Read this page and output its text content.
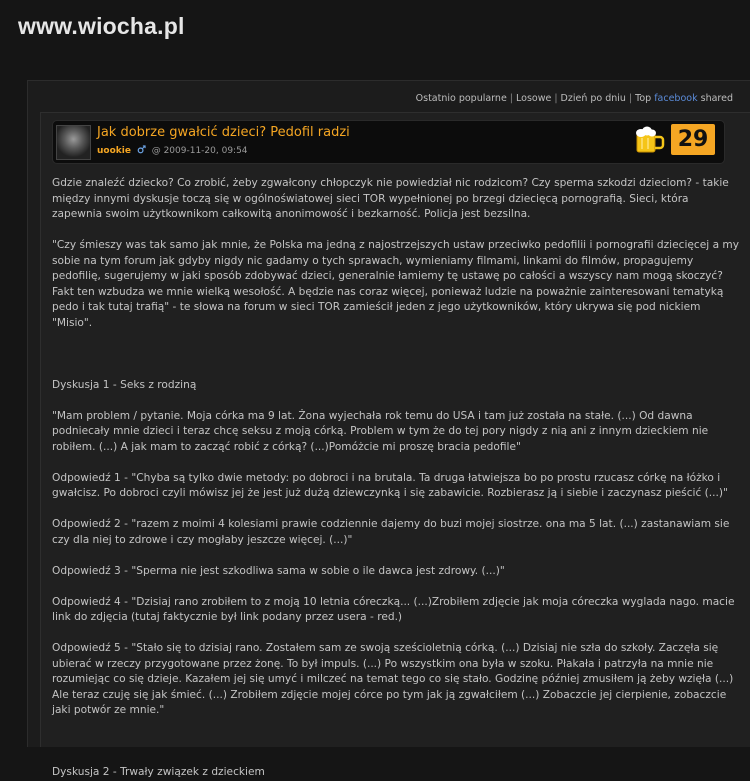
www.wiocha.pl
Ostatnio popularne | Losowe | Dzień po dniu | Top facebook shared
Jak dobrze gwałcić dzieci? Pedofil radzi
uookie @ 2009-11-20, 09:54	29

Gdzie znaleźć dziecko? Co zrobić, żeby zgwałcony chłopczyk nie powiedział nic rodzicom? Czy sperma szkodzi dzieciom? - takie między innymi dyskusje toczą się w ogólnoświatowej sieci TOR wypełnionej po brzegi dziecięcą pornografią. Sieci, która zapewnia swoim użytkownikom całkowitą anonimowość i bezkarność. Policja jest bezsilna.

"Czy śmieszy was tak samo jak mnie, że Polska ma jedną z najostrzejszych ustaw przeciwko pedofilii i pornografii dziecięcej a my sobie na tym forum jak gdyby nigdy nic gadamy o tych sprawach, wymieniamy filmami, linkami do filmów, propagujemy pedofilię, sugerujemy w jaki sposób zdobywać dzieci, generalnie łamiemy tę ustawę po całości a wszyscy nam mogą skoczyć? Fakt ten wzbudza we mnie wielką wesołość. A będzie nas coraz więcej, ponieważ ludzie na poważnie zainteresowani tematyką pedo i tak tutaj trafią" - te słowa na forum w sieci TOR zamieścił jeden z jego użytkowników, który ukrywa się pod nickiem "Misio".

Dyskusja 1 - Seks z rodziną

"Mam problem / pytanie. Moja córka ma 9 lat. Żona wyjechała rok temu do USA i tam już została na stałe. (...) Od dawna podniecały mnie dzieci i teraz chcę seksu z moją córką. Problem w tym że do tej pory nigdy z nią ani z innym dzieckiem nie robiłem. (...) A jak mam to zacząć robić z córką? (...)Pomóżcie mi proszę bracia pedofile"

Odpowiedź 1 - "Chyba są tylko dwie metody: po dobroci i na brutala. Ta druga łatwiejsza bo po prostu rzucasz córkę na łóżko i gwałcisz. Po dobroci czyli mówisz jej że jest już dużą dziewczynką i się zabawicie. Rozbierasz ją i siebie i zaczynasz pieścić (...)"

Odpowiedź 2 - "razem z moimi 4 kolesiami prawie codziennie dajemy do buzi mojej siostrze. ona ma 5 lat. (...) zastanawiam sie czy dla niej to zdrowe i czy mogłaby jeszcze więcej. (...)"

Odpowiedź 3 - "Sperma nie jest szkodliwa sama w sobie o ile dawca jest zdrowy. (...)"

Odpowiedź 4 - "Dzisiaj rano zrobiłem to z moją 10 letnia córeczką... (...)Zrobiłem zdjęcie jak moja córeczka wyglada nago. macie link do zdjęcia (tutaj faktycznie był link podany przez usera - red.)

Odpowiedź 5 - "Stało się to dzisiaj rano. Zostałem sam ze swoją sześcioletnią córką. (...) Dzisiaj nie szła do szkoły. Zaczęła się ubierać w rzeczy przygotowane przez żonę. To był impuls. (...) Po wszystkim ona była w szoku. Płakała i patrzyła na mnie nie rozumiejąc co się dzieje. Kazałem jej się umyć i milczeć na temat tego co się stało. Godzinę później zmusiłem ją żeby wzięła (...) Ale teraz czuję się jak śmieć. (...) Zrobiłem zdjęcie mojej córce po tym jak ją zgwałciłem (...) Zobaczcie jej cierpienie, zobaczcie jaki potwór ze mnie."

Dyskusja 2 - Trwały związek z dzieckiem
